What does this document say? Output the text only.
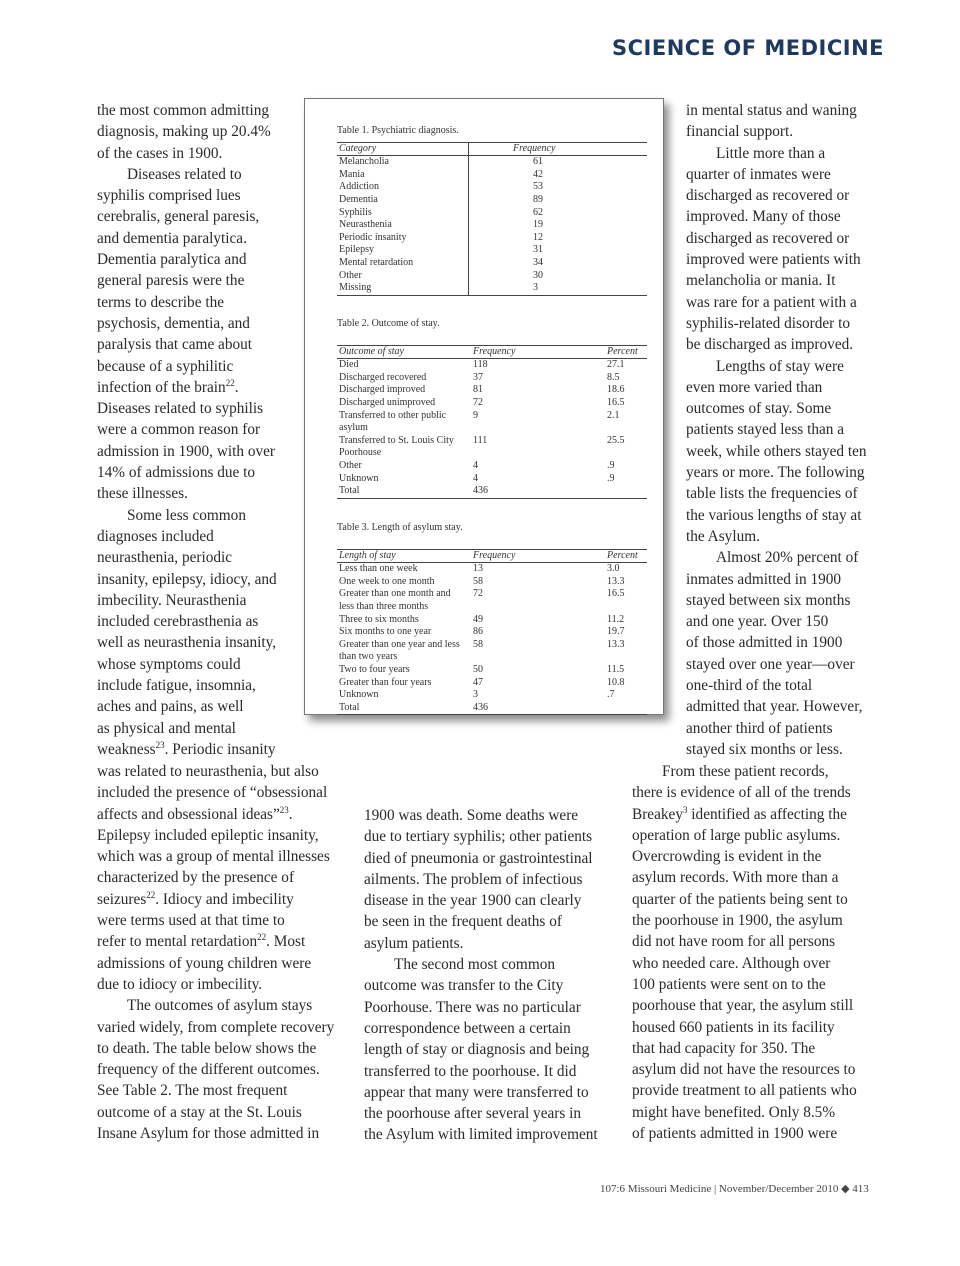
SCIENCE OF MEDICINE
the most common admitting
diagnosis, making up 20.4%
of the cases in 1900.
Diseases related to
syphilis comprised lues
cerebralis, general paresis,
and dementia paralytica.
Dementia paralytica and
general paresis were the
terms to describe the
psychosis, dementia, and
paralysis that came about
because of a syphilitic
infection of the brain$^{22}$.
Diseases related to syphilis
were a common reason for
admission in 1900, with over
14% of admissions due to
these illnesses.
Some less common
diagnoses included
neurasthenia, periodic
insanity, epilepsy, idiocy, and
imbecility. Neurasthenia
included cerebrasthenia as
well as neurasthenia insanity,
whose symptoms could
include fatigue, insomnia,
aches and pains, as well
as physical and mental
weakness$^{23}$. Periodic insanity
was related to neurasthenia, but also
included the presence of “obsessional
affects and obsessional ideas”$^{23}$.
Epilepsy included epileptic insanity,
which was a group of mental illnesses
characterized by the presence of
seizures$^{22}$. Idiocy and imbecility
were terms used at that time to
refer to mental retardation$^{22}$. Most
admissions of young children were
due to idiocy or imbecility.
The outcomes of asylum stays
varied widely, from complete recovery
to death. The table below shows the
frequency of the different outcomes.
See Table 2. The most frequent
outcome of a stay at the St. Louis
Insane Asylum for those admitted in
1900 was death. Some deaths were
due to tertiary syphilis; other patients
died of pneumonia or gastrointestinal
ailments. The problem of infectious
disease in the year 1900 can clearly
be seen in the frequent deaths of
asylum patients.
The second most common
outcome was transfer to the City
Poorhouse. There was no particular
correspondence between a certain
length of stay or diagnosis and being
transferred to the poorhouse. It did
appear that many were transferred to
the poorhouse after several years in
the Asylum with limited improvement
in mental status and waning
financial support.
Little more than a
quarter of inmates were
discharged as recovered or
improved. Many of those
discharged as recovered or
improved were patients with
melancholia or mania. It
was rare for a patient with a
syphilis-related disorder to
be discharged as improved.
Lengths of stay were
even more varied than
outcomes of stay. Some
patients stayed less than a
week, while others stayed ten
years or more. The following
table lists the frequencies of
the various lengths of stay at
the Asylum.
Almost 20% percent of
inmates admitted in 1900
stayed between six months
and one year. Over 150
of those admitted in 1900
stayed over one year—over
one-third of the total
admitted that year. However,
another third of patients
stayed six months or less.
From these patient records,
there is evidence of all of the trends
Breakey$^3$ identified as affecting the
operation of large public asylums.
Overcrowding is evident in the
asylum records. With more than a
quarter of the patients being sent to
the poorhouse in 1900, the asylum
did not have room for all persons
who needed care. Although over
100 patients were sent on to the
poorhouse that year, the asylum still
housed 660 patients in its facility
that had capacity for 350. The
asylum did not have the resources to
provide treatment to all patients who
might have benefited. Only 8.5%
of patients admitted in 1900 were
Table 1. Psychiatric diagnosis.
Category	Frequency
Melancholia	61
Mania	42
Addiction	53
Dementia	89
Syphilis	62
Neurasthenia	19
Periodic insanity	12
Epilepsy	31
Mental retardation	34
Other	30
Missing	3
Table 2. Outcome of stay.
Outcome of stay	Frequency	Percent
Died	118	27.1
Discharged recovered	37	8.5
Discharged improved	81	18.6
Discharged unimproved	72	16.5
Transferred to other public asylum
9	2.1
Transferred to St. Louis City Poorhouse
111	25.5
Other	4	.9
Unknown	4	.9
Total	436
Table 3. Length of asylum stay.
Length of stay	Frequency	Percent
Less than one week	13	3.0
One week to one month	58	13.3
Greater than one month and less than three months
72	16.5
Three to six months	49	11.2
Six months to one year	86	19.7
Greater than one year and less than two years
58	13.3
Two to four years	50	11.5
Greater than four years	47	10.8
Unknown	3	.7
Total	436
107:6 Missouri Medicine | November/December 2010 ◆ 413
